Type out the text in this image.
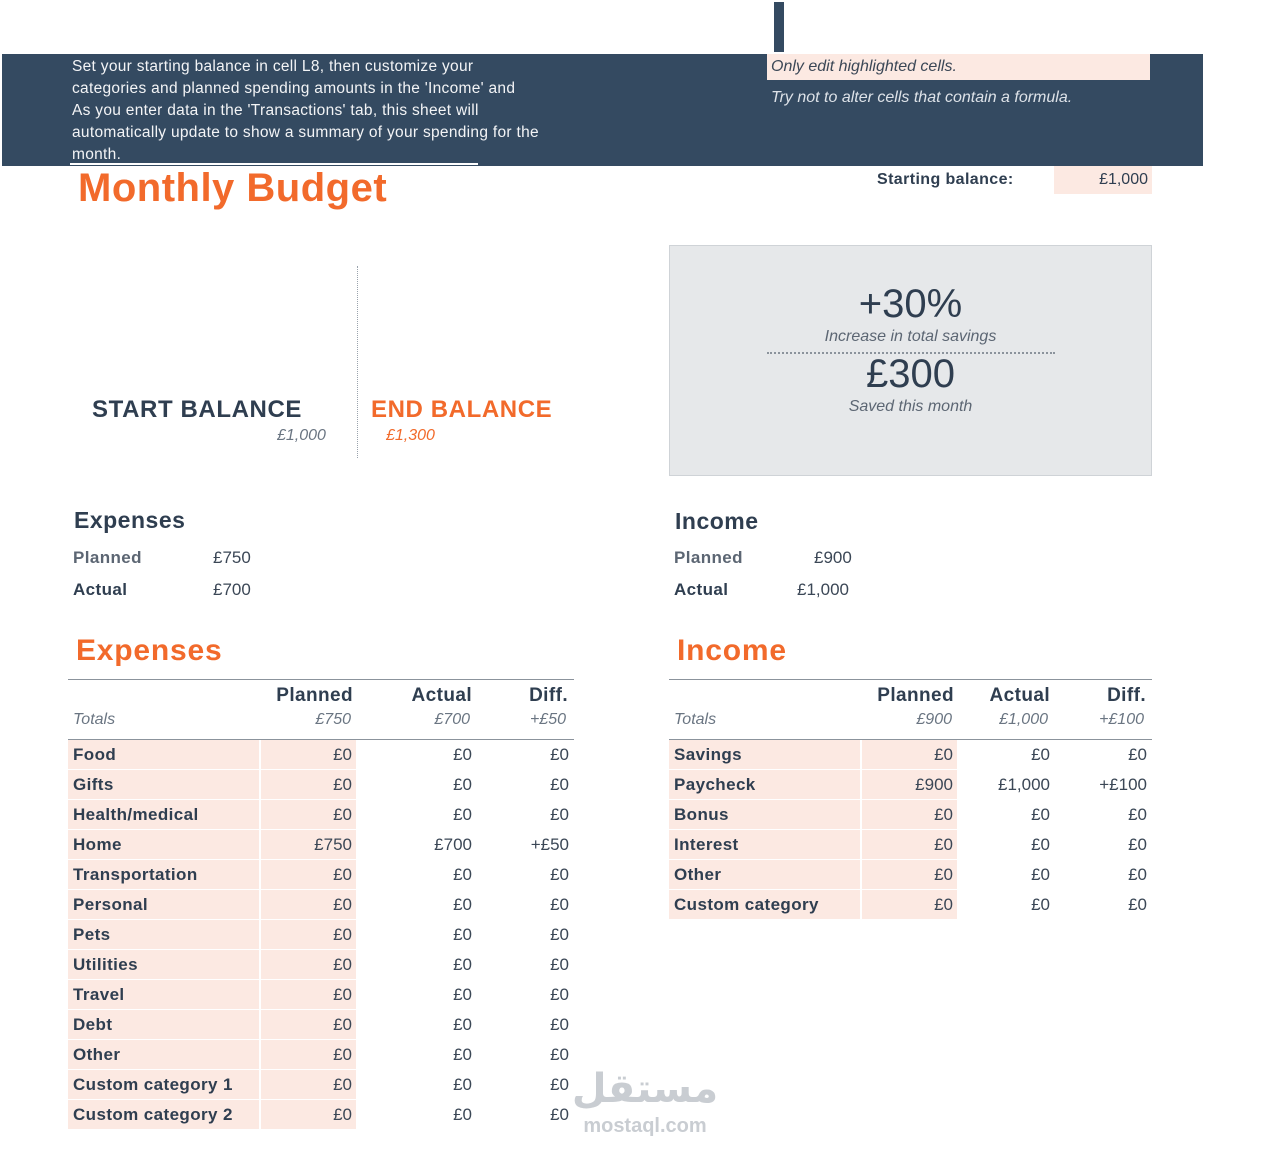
Set your starting balance in cell L8, then customize your
categories and planned spending amounts in the 'Income' and
As you enter data in the 'Transactions' tab, this sheet will
automatically update to show a summary of your spending for the
month.
Only edit highlighted cells.
Try not to alter cells that contain a formula.
Monthly Budget	Starting balance:	£1,000
START BALANCE	END BALANCE
£1,000	£1,300
+30%
Increase in total savings
£300
Saved this month
Expenses
Planned	£750
Actual	£700
Income
Planned	£900
Actual	£1,000
Expenses	Income
Planned	Actual	Diff.
Totals	£750	£700	+£50
Food	£0	£0	£0
Gifts	£0	£0	£0
Health/medical	£0	£0	£0
Home	£750	£700	+£50
Transportation	£0	£0	£0
Personal	£0	£0	£0
Pets	£0	£0	£0
Utilities	£0	£0	£0
Travel	£0	£0	£0
Debt	£0	£0	£0
Other	£0	£0	£0
Custom category 1	£0	£0	£0
Custom category 2	£0	£0	£0
Planned Actual	Diff.
Totals	£900	£1,000	+£100
Savings	£0	£0	£0
Paycheck	£900	£1,000	+£100
Bonus	£0	£0	£0
Interest	£0	£0	£0
Other	£0	£0	£0
Custom category	£0	£0	£0
مستقل
mostaql.com
